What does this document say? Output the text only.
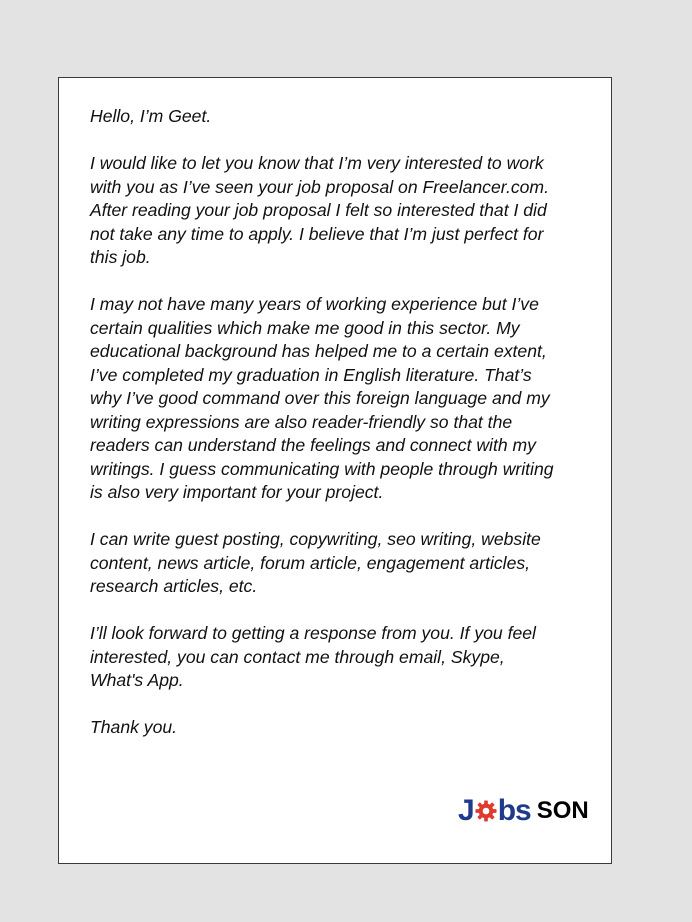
Hello, I’m Geet.

I would like to let you know that I’m very interested to work
with you as I’ve seen your job proposal on Freelancer.com.
After reading your job proposal I felt so interested that I did
not take any time to apply. I believe that I’m just perfect for
this job.

I may not have many years of working experience but I’ve
certain qualities which make me good in this sector. My
educational background has helped me to a certain extent,
I’ve completed my graduation in English literature. That’s
why I’ve good command over this foreign language and my
writing expressions are also reader-friendly so that the
readers can understand the feelings and connect with my
writings. I guess communicating with people through writing
is also very important for your project.

I can write guest posting, copywriting, seo writing, website
content, news article, forum article, engagement articles,
research articles, etc.

I’ll look forward to getting a response from you. If you feel
interested, you can contact me through email, Skype,
What's App.

Thank you.

J bs SON
